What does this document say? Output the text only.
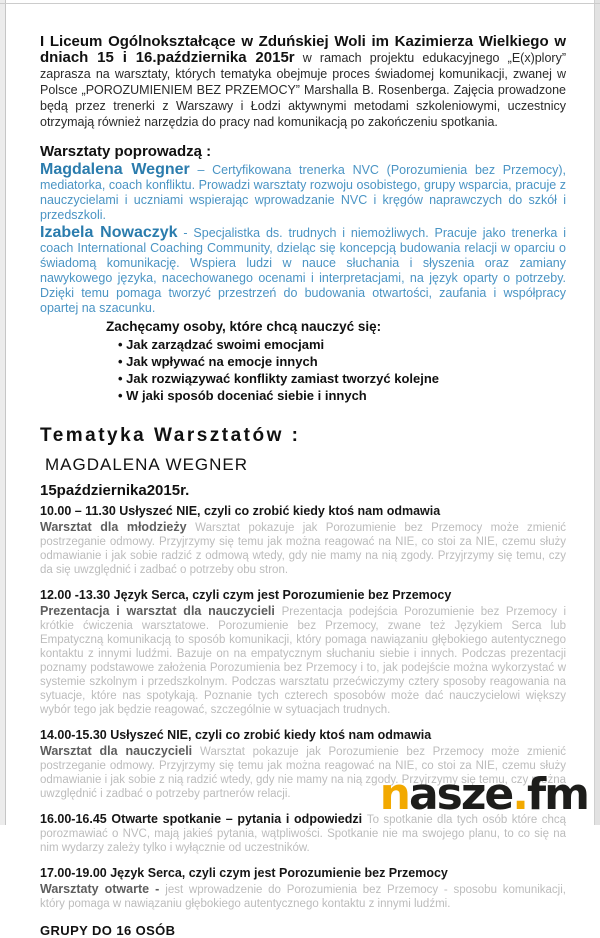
I Liceum Ogólnokształcące w Zduńskiej Woli im Kazimierza Wielkiego w dniach 15 i 16.października 2015r w ramach projektu edukacyjnego „E(x)plory” zaprasza na warsztaty, których tematyka obejmuje proces świadomej komunikacji, zwanej w Polsce „POROZUMIENIEM BEZ PRZEMOCY” Marshalla B. Rosenberga. Zajęcia prowadzone będą przez trenerki z Warszawy i Łodzi aktywnymi metodami szkoleniowymi, uczestnicy otrzymają również narzędzia do pracy nad komunikacją po zakończeniu spotkania.

Warsztaty poprowadzą :

Magdalena Wegner – Certyfikowana trenerka NVC (Porozumienia bez Przemocy), mediatorka, coach konfliktu. Prowadzi warsztaty rozwoju osobistego, grupy wsparcia, pracuje z nauczycielami i uczniami wspierając wprowadzanie NVC i kręgów naprawczych do szkół i przedszkoli.

Izabela Nowaczyk - Specjalistka ds. trudnych i niemożliwych. Pracuje jako trenerka i coach International Coaching Community, dzieląc się koncepcją budowania relacji w oparciu o świadomą komunikację. Wspiera ludzi w nauce słuchania i słyszenia oraz zamiany nawykowego języka, nacechowanego ocenami i interpretacjami, na język oparty o potrzeby. Dzięki temu pomaga tworzyć przestrzeń do budowania otwartości, zaufania i współpracy opartej na szacunku.

Zachęcamy osoby, które chcą nauczyć się:

• Jak zarządzać swoimi emocjami
• Jak wpływać na emocje innych
• Jak rozwiązywać konflikty zamiast tworzyć kolejne
• W jaki sposób doceniać siebie i innych

Tematyka Warsztatów :

MAGDALENA WEGNER

15października2015r.

10.00 – 11.30 Usłyszeć NIE, czyli co zrobić kiedy ktoś nam odmawia

Warsztat dla młodzieży Warsztat pokazuje jak Porozumienie bez Przemocy może zmienić postrzeganie odmowy. Przyjrzymy się temu jak można reagować na NIE, co stoi za NIE, czemu służy odmawianie i jak sobie radzić z odmową wtedy, gdy nie mamy na nią zgody. Przyjrzymy się temu, czy da się uwzględnić i zadbać o potrzeby obu stron.

12.00 -13.30 Język Serca, czyli czym jest Porozumienie bez Przemocy

Prezentacja i warsztat dla nauczycieli Prezentacja podejścia Porozumienie bez Przemocy i krótkie ćwiczenia warsztatowe. Porozumienie bez Przemocy, zwane też Językiem Serca lub Empatyczną komunikacją to sposób komunikacji, który pomaga nawiązaniu głębokiego autentycznego kontaktu z innymi ludźmi. Bazuje on na empatycznym słuchaniu siebie i innych. Podczas prezentacji poznamy podstawowe założenia Porozumienia bez Przemocy i to, jak podejście można wykorzystać w systemie szkolnym i przedszkolnym. Podczas warsztatu przećwiczymy cztery sposoby reagowania na sytuacje, które nas spotykają. Poznanie tych czterech sposobów może dać nauczycielowi większy wybór tego jak będzie reagować, szczególnie w sytuacjach trudnych.

14.00-15.30 Usłyszeć NIE, czyli co zrobić kiedy ktoś nam odmawia

Warsztat dla nauczycieli Warsztat pokazuje jak Porozumienie bez Przemocy może zmienić postrzeganie odmowy. Przyjrzymy się temu jak można reagować na NIE, co stoi za NIE, czemu służy odmawianie i jak sobie z nią radzić wtedy, gdy nie mamy na nią zgody. Przyjrzymy się temu, czy można uwzględnić i zadbać o potrzeby partnerów relacji.

16.00-16.45 Otwarte spotkanie – pytania i odpowiedzi To spotkanie dla tych osób które chcą porozmawiać o NVC, mają jakieś pytania, wątpliwości. Spotkanie nie ma swojego planu, to co się na nim wydarzy zależy tylko i wyłącznie od uczestników.

17.00-19.00 Język Serca, czyli czym jest Porozumienie bez Przemocy

Warsztaty otwarte - jest wprowadzenie do Porozumienia bez Przemocy - sposobu komunikacji, który pomaga w nawiązaniu głębokiego autentycznego kontaktu z innymi ludźmi.

GRUPY DO 16 OSÓB

nasze.fm
